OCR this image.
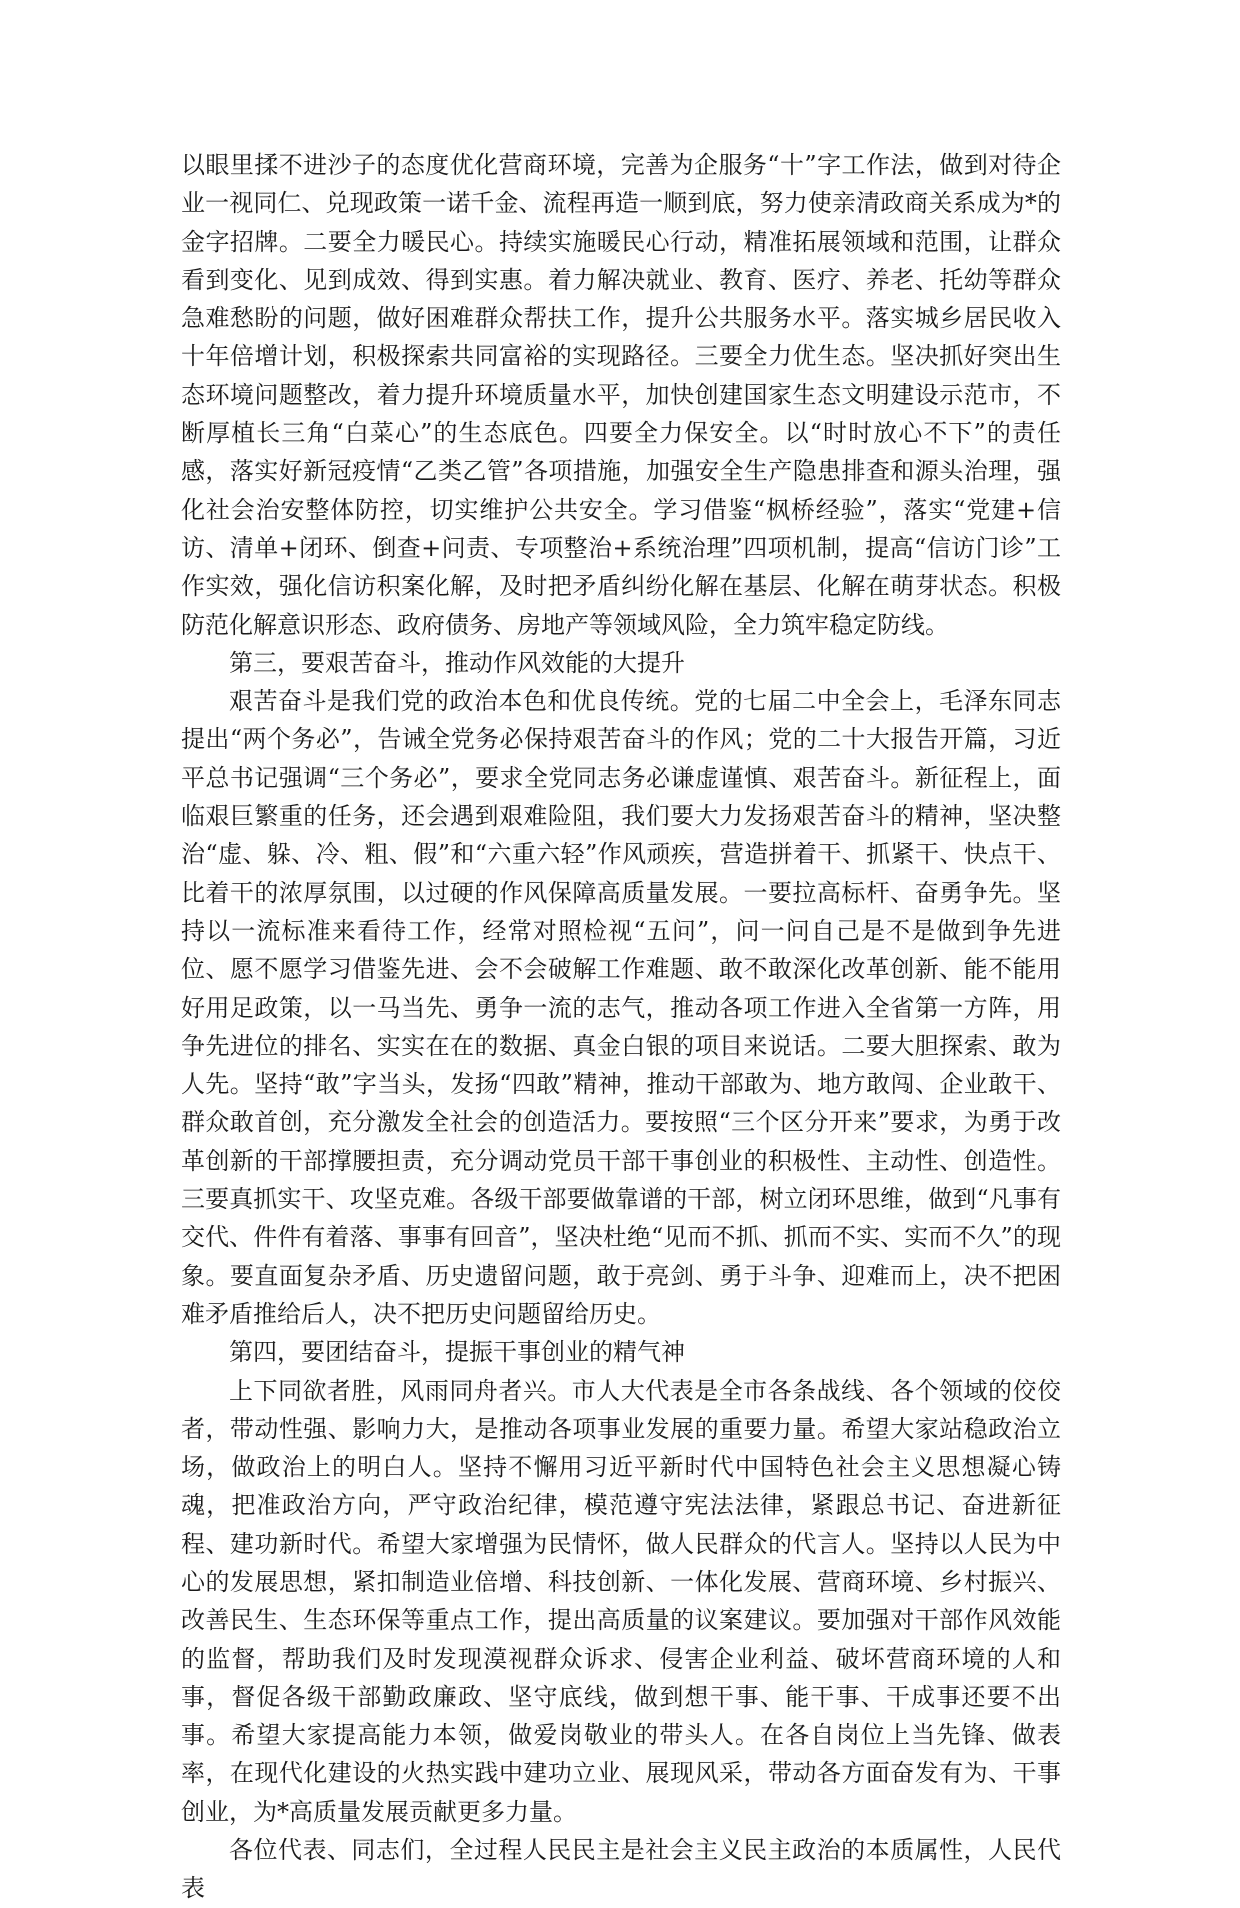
以眼里揉不进沙子的态度优化营商环境，完善为企服务“十”字工作法，做到对待企业一视同仁、兑现政策一诺千金、流程再造一顺到底，努力使亲清政商关系成为*的金字招牌。二要全力暖民心。持续实施暖民心行动，精准拓展领域和范围，让群众看到变化、见到成效、得到实惠。着力解决就业、教育、医疗、养老、托幼等群众急难愁盼的问题，做好困难群众帮扶工作，提升公共服务水平。落实城乡居民收入十年倍增计划，积极探索共同富裕的实现路径。三要全力优生态。坚决抓好突出生态环境问题整改，着力提升环境质量水平，加快创建国家生态文明建设示范市，不断厚植长三角“白菜心”的生态底色。四要全力保安全。以“时时放心不下”的责任感，落实好新冠疫情“乙类乙管”各项措施，加强安全生产隐患排查和源头治理，强化社会治安整体防控，切实维护公共安全。学习借鉴“枫桥经验”，落实“党建+信访、清单+闭环、倒查+问责、专项整治+系统治理”四项机制，提高“信访门诊”工作实效，强化信访积案化解，及时把矛盾纠纷化解在基层、化解在萌芽状态。积极防范化解意识形态、政府债务、房地产等领域风险，全力筑牢稳定防线。

第三，要艰苦奋斗，推动作风效能的大提升

艰苦奋斗是我们党的政治本色和优良传统。党的七届二中全会上，毛泽东同志提出“两个务必”，告诫全党务必保持艰苦奋斗的作风；党的二十大报告开篇，习近平总书记强调“三个务必”，要求全党同志务必谦虚谨慎、艰苦奋斗。新征程上，面临艰巨繁重的任务，还会遇到艰难险阻，我们要大力发扬艰苦奋斗的精神，坚决整治“虚、躲、冷、粗、假”和“六重六轻”作风顽疾，营造拼着干、抓紧干、快点干、比着干的浓厚氛围，以过硬的作风保障高质量发展。一要拉高标杆、奋勇争先。坚持以一流标准来看待工作，经常对照检视“五问”，问一问自己是不是做到争先进位、愿不愿学习借鉴先进、会不会破解工作难题、敢不敢深化改革创新、能不能用好用足政策，以一马当先、勇争一流的志气，推动各项工作进入全省第一方阵，用争先进位的排名、实实在在的数据、真金白银的项目来说话。二要大胆探索、敢为人先。坚持“敢”字当头，发扬“四敢”精神，推动干部敢为、地方敢闯、企业敢干、群众敢首创，充分激发全社会的创造活力。要按照“三个区分开来”要求，为勇于改革创新的干部撑腰担责，充分调动党员干部干事创业的积极性、主动性、创造性。三要真抓实干、攻坚克难。各级干部要做靠谱的干部，树立闭环思维，做到“凡事有交代、件件有着落、事事有回音”，坚决杜绝“见而不抓、抓而不实、实而不久”的现象。要直面复杂矛盾、历史遗留问题，敢于亮剑、勇于斗争、迎难而上，决不把困难矛盾推给后人，决不把历史问题留给历史。

第四，要团结奋斗，提振干事创业的精气神

上下同欲者胜，风雨同舟者兴。市人大代表是全市各条战线、各个领域的佼佼者，带动性强、影响力大，是推动各项事业发展的重要力量。希望大家站稳政治立场，做政治上的明白人。坚持不懈用习近平新时代中国特色社会主义思想凝心铸魂，把准政治方向，严守政治纪律，模范遵守宪法法律，紧跟总书记、奋进新征程、建功新时代。希望大家增强为民情怀，做人民群众的代言人。坚持以人民为中心的发展思想，紧扣制造业倍增、科技创新、一体化发展、营商环境、乡村振兴、改善民生、生态环保等重点工作，提出高质量的议案建议。要加强对干部作风效能的监督，帮助我们及时发现漠视群众诉求、侵害企业利益、破坏营商环境的人和事，督促各级干部勤政廉政、坚守底线，做到想干事、能干事、干成事还要不出事。希望大家提高能力本领，做爱岗敬业的带头人。在各自岗位上当先锋、做表率，在现代化建设的火热实践中建功立业、展现风采，带动各方面奋发有为、干事创业，为*高质量发展贡献更多力量。

各位代表、同志们，全过程人民民主是社会主义民主政治的本质属性，人民代表
